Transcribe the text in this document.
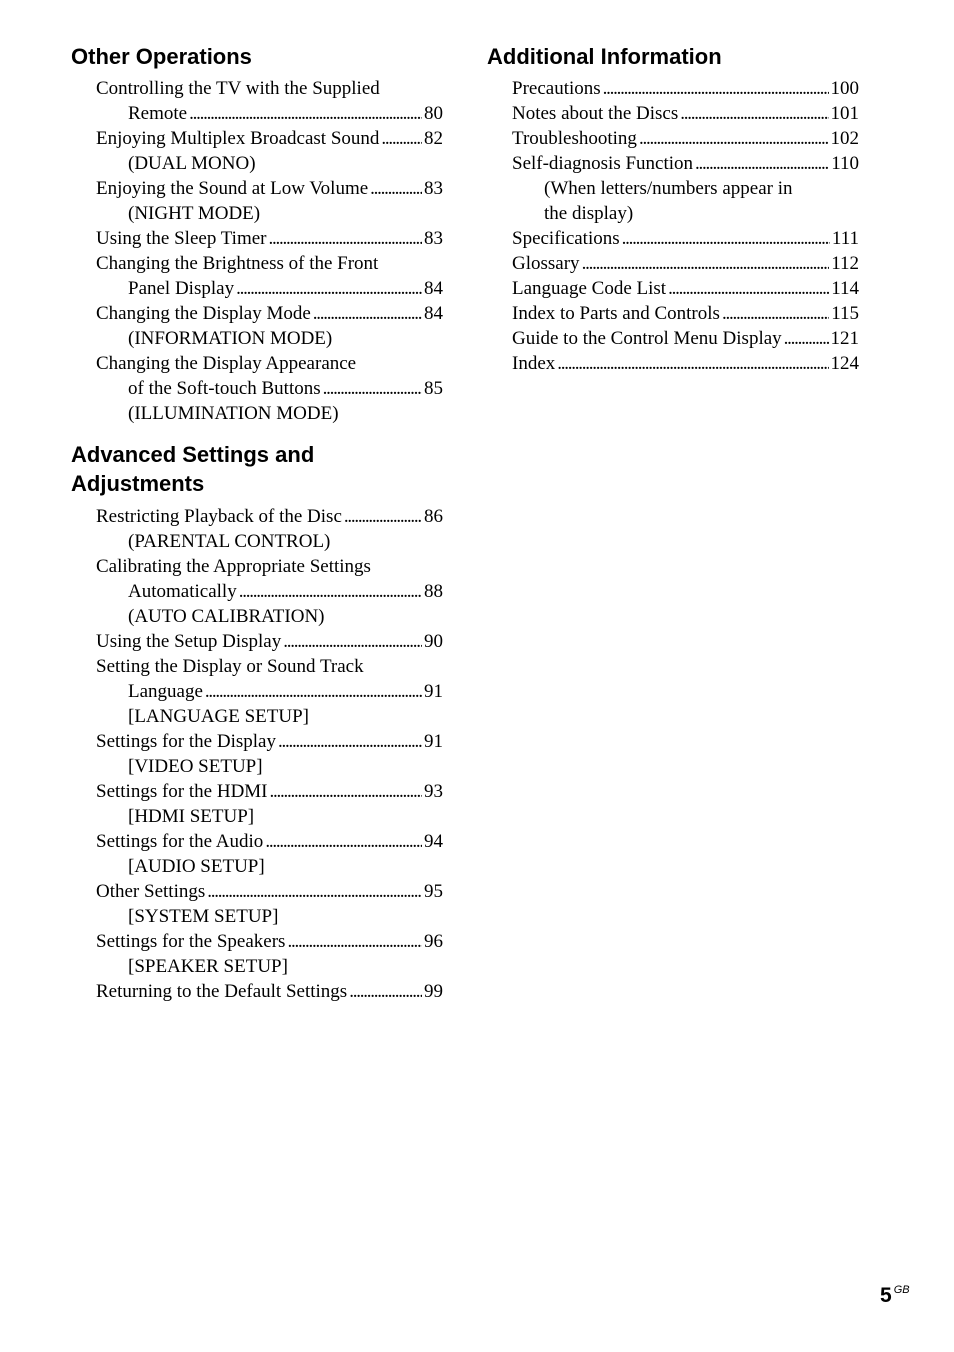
Other Operations
Controlling the TV with the Supplied
Remote . . .	80
Enjoying Multiplex Broadcast Sound . . . 82
(DUAL MONO)
Enjoying the Sound at Low Volume . . .	83
(NIGHT MODE)
Using the Sleep Timer . . .	83
Changing the Brightness of the Front
Panel Display . . .	84
Changing the Display Mode . . .	84
(INFORMATION MODE)
Changing the Display Appearance
of the Soft-touch Buttons . . .	85
(ILLUMINATION MODE)
Advanced Settings and
Adjustments
Restricting Playback of the Disc . . .	86
(PARENTAL CONTROL)
Calibrating the Appropriate Settings
Automatically . . .	88
(AUTO CALIBRATION)
Using the Setup Display . . .	90
Setting the Display or Sound Track
Language . . .	91
[LANGUAGE SETUP]
Settings for the Display . . .	91
[VIDEO SETUP]
Settings for the HDMI . . .	93
[HDMI SETUP]
Settings for the Audio . . .	94
[AUDIO SETUP]
Other Settings . . .	95
[SYSTEM SETUP]
Settings for the Speakers . . .	96
[SPEAKER SETUP]
Returning to the Default Settings . . .	99
Additional Information
Precautions . . .	100
Notes about the Discs . . .	101
Troubleshooting . . .	102
Self-diagnosis Function . . .	110
(When letters/numbers appear in
the display)
Specifications . . .	111
Glossary . . .	112
Language Code List . . .	114
Index to Parts and Controls . . .	115
Guide to the Control Menu Display . . .	121
Index . . .	124
5 $^{GB}$
